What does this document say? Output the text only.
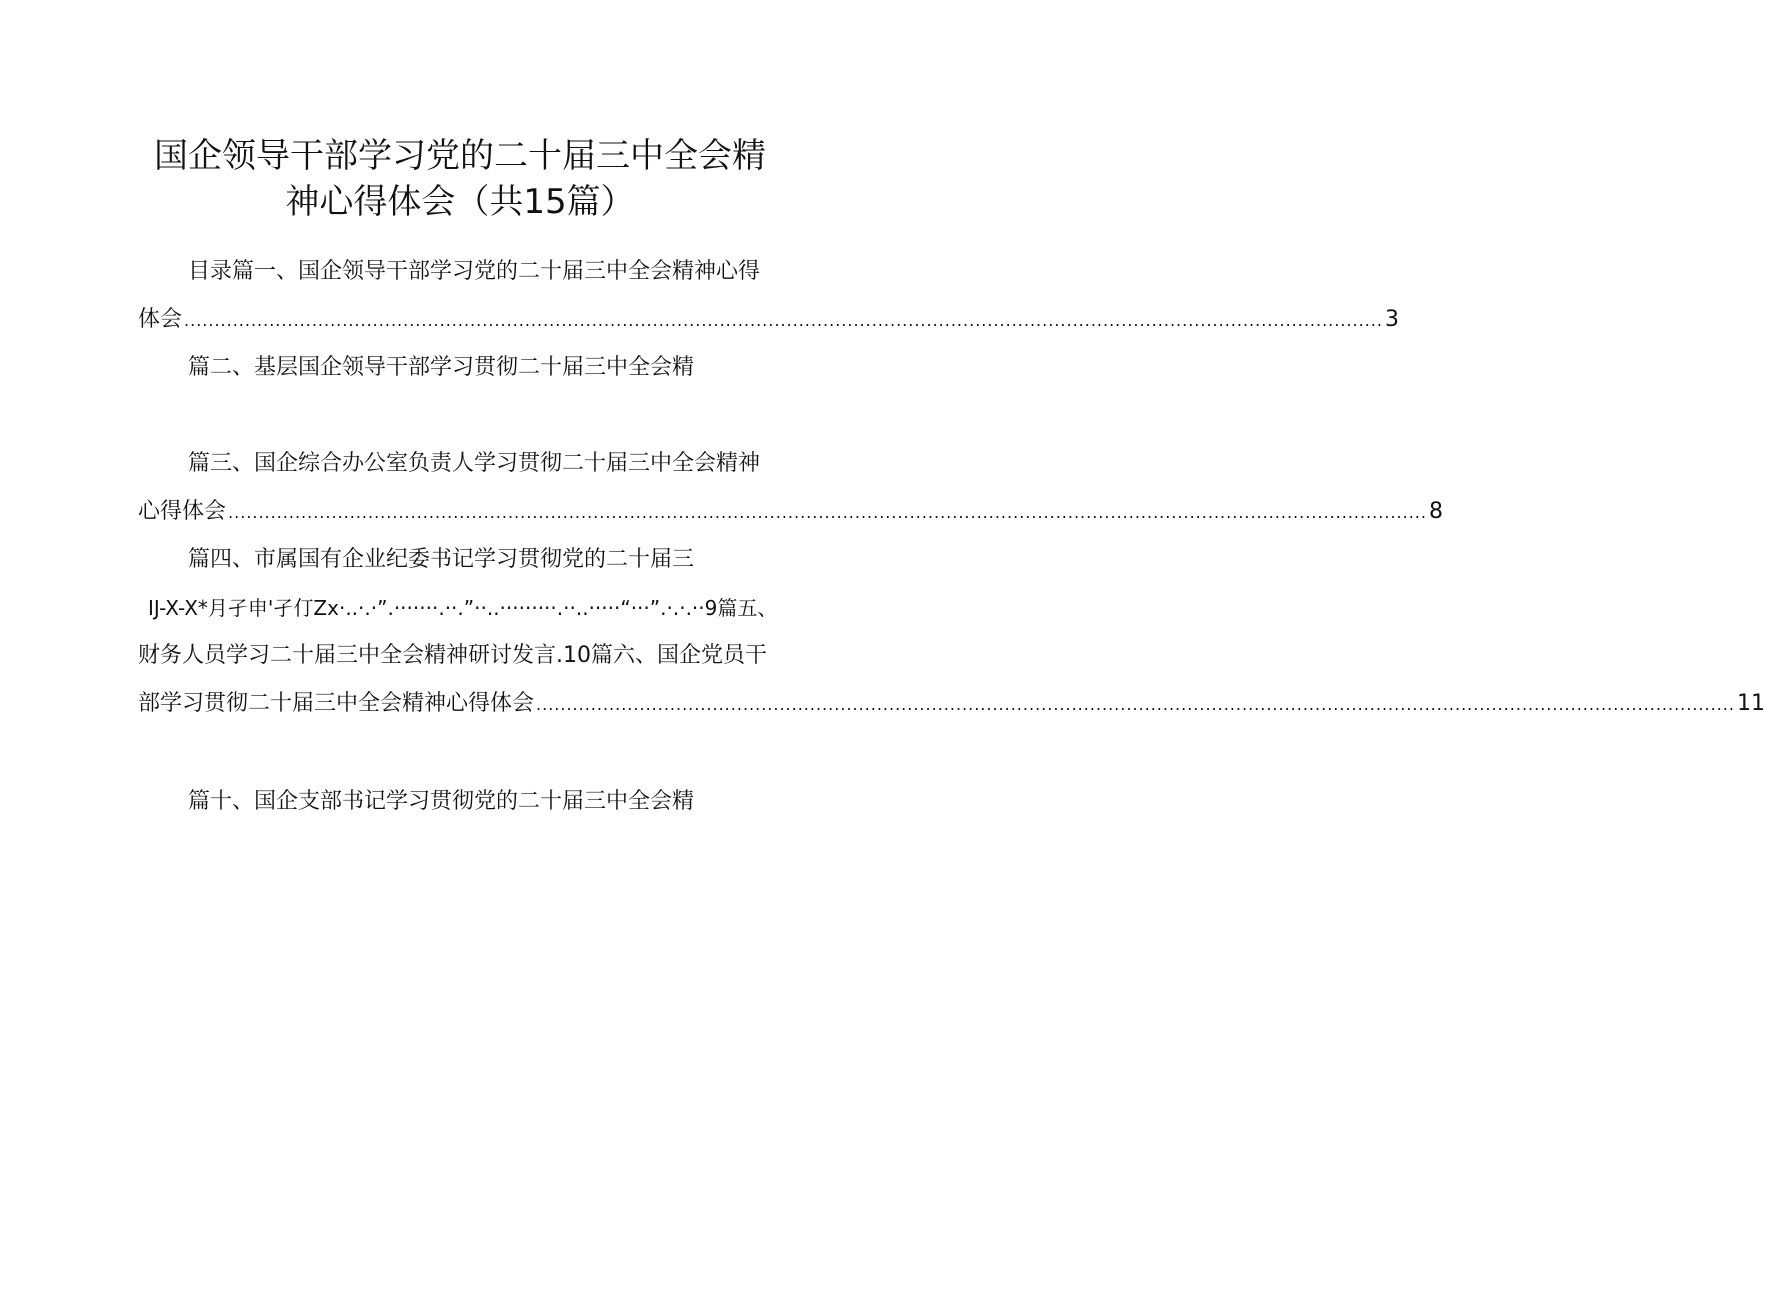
国企领导干部学习党的二十届三中全会精
神心得体会（共15篇）
目录篇一、国企领导干部学习党的二十届三中全会精神心得
体会 ..................................................................................................................................................................................................... 3
篇二、基层国企领导干部学习贯彻二十届三中全会精
篇三、国企综合办公室负责人学习贯彻二十届三中全会精神
心得体会 ..................................................................................................................................................................................................... 8
篇四、市属国有企业纪委书记学习贯彻党的二十届三
IJ-X-X*月孑申'孑仃Zx·..·.·”.·······.··.”··..·········.··..·····“···”.·.·.··9篇五、
财务人员学习二十届三中全会精神研讨发言.10篇六、国企党员干
部学习贯彻二十届三中全会精神心得体会 ..................................................................................................................................................................................................... 11
篇十、国企支部书记学习贯彻党的二十届三中全会精
